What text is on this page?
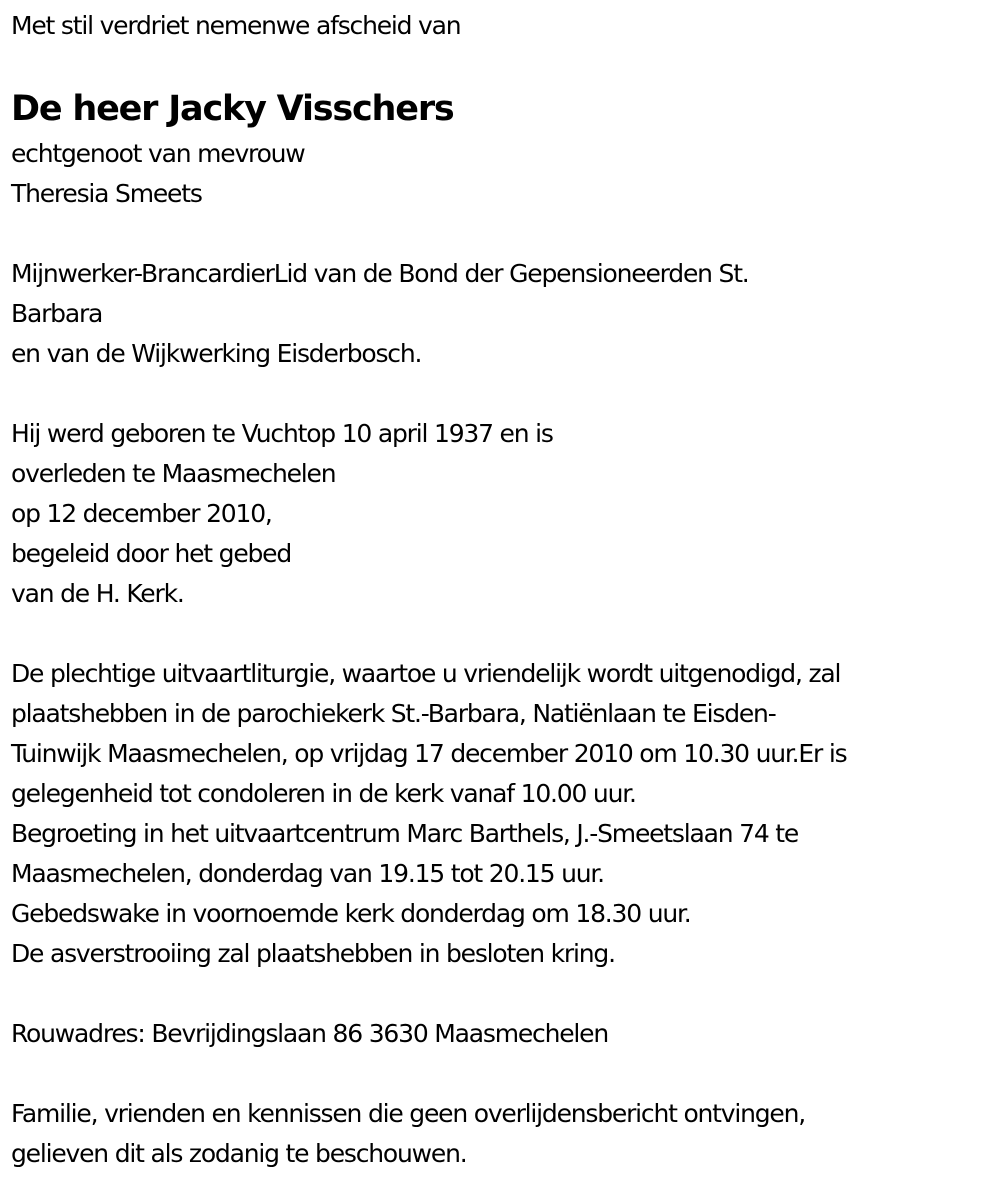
Met stil verdriet nemenwe afscheid van
De heer Jacky Visschers
echtgenoot van mevrouw
Theresia Smeets
Mijnwerker-BrancardierLid van de Bond der Gepensioneerden St.
Barbara
en van de Wijkwerking Eisderbosch.
Hij werd geboren te Vuchtop 10 april 1937 en is
overleden te Maasmechelen
op 12 december 2010,
begeleid door het gebed
van de H. Kerk.
De plechtige uitvaartliturgie, waartoe u vriendelijk wordt uitgenodigd, zal
plaatshebben in de parochiekerk St.-Barbara, Natiënlaan te Eisden-
Tuinwijk Maasmechelen, op vrijdag 17 december 2010 om 10.30 uur.Er is
gelegenheid tot condoleren in de kerk vanaf 10.00 uur.
Begroeting in het uitvaartcentrum Marc Barthels, J.-Smeetslaan 74 te
Maasmechelen, donderdag van 19.15 tot 20.15 uur.
Gebedswake in voornoemde kerk donderdag om 18.30 uur.
De asverstrooiing zal plaatshebben in besloten kring.
Rouwadres: Bevrijdingslaan 86 3630 Maasmechelen
Familie, vrienden en kennissen die geen overlijdensbericht ontvingen,
gelieven dit als zodanig te beschouwen.
